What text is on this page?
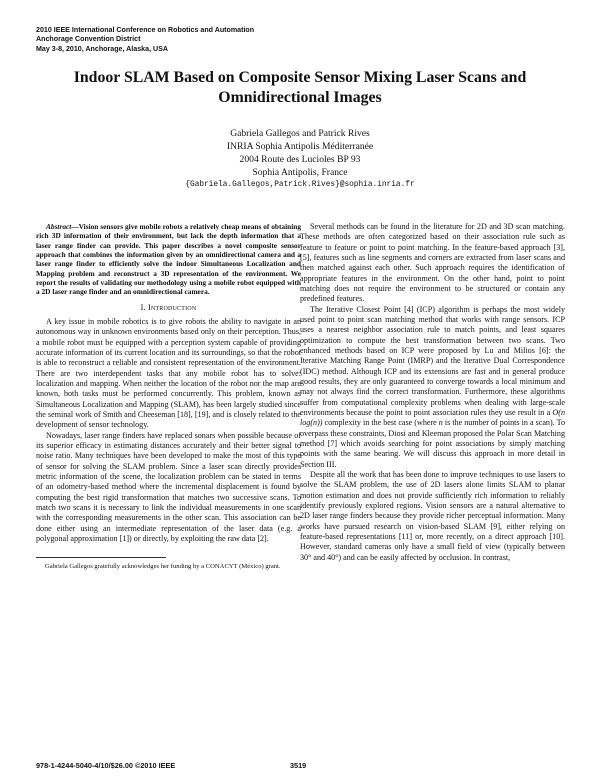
2010 IEEE International Conference on Robotics and Automation
Anchorage Convention District
May 3-8, 2010, Anchorage, Alaska, USA
Indoor SLAM Based on Composite Sensor Mixing Laser Scans and
Omnidirectional Images
Gabriela Gallegos and Patrick Rives
INRIA Sophia Antipolis Méditerranée
2004 Route des Lucioles BP 93
Sophia Antipolis, France
{Gabriela.Gallegos,Patrick.Rives}@sophia.inria.fr

Abstract—Vision sensors give mobile robots a relatively cheap means of obtaining rich 3D information of their environment, but lack the depth information that a laser range finder can provide. This paper describes a novel composite sensor approach that combines the information given by an omnidirectional camera and a laser range finder to efficiently solve the indoor Simultaneous Localization and Mapping problem and reconstruct a 3D representation of the environment. We report the results of validating our methodology using a mobile robot equipped with a 2D laser range finder and an omnidirectional camera.

I. Introduction

A key issue in mobile robotics is to give robots the ability to navigate in an autonomous way in unknown environments based only on their perception. Thus, a mobile robot must be equipped with a perception system capable of providing accurate information of its current location and its surroundings, so that the robot is able to reconstruct a reliable and consistent representation of the environment. There are two interdependent tasks that any mobile robot has to solve: localization and mapping. When neither the location of the robot nor the map are known, both tasks must be performed concurrently. This problem, known as Simultaneous Localization and Mapping (SLAM), has been largely studied since the seminal work of Smith and Cheeseman [18], [19], and is closely related to the development of sensor technology.

Nowadays, laser range finders have replaced sonars when possible because of its superior efficacy in estimating distances accurately and their better signal to noise ratio. Many techniques have been developed to make the most of this type of sensor for solving the SLAM problem. Since a laser scan directly provides metric information of the scene, the localization problem can be stated in terms of an odometry-based method where the incremental displacement is found by computing the best rigid transformation that matches two successive scans. To match two scans it is necessary to link the individual measurements in one scan with the corresponding measurements in the other scan. This association can be done either using an intermediate representation of the laser data (e.g. a polygonal approximation [1]) or directly, by exploiting the raw data [2].

Gabriela Gallegos gratefully acknowledges her funding by a CONACYT (México) grant.

Several methods can be found in the literature for 2D and 3D scan matching. These methods are often categorized based on their association rule such as feature to feature or point to point matching. In the feature-based approach [3], [5], features such as line segments and corners are extracted from laser scans and then matched against each other. Such approach requires the identification of appropriate features in the environment. On the other hand, point to point matching does not require the environment to be structured or contain any predefined features.

The Iterative Closest Point [4] (ICP) algorithm is perhaps the most widely used point to point scan matching method that works with range sensors. ICP uses a nearest neighbor association rule to match points, and least squares optimization to compute the best transformation between two scans. Two enhanced methods based on ICP were proposed by Lu and Milios [6]: the Iterative Matching Range Point (IMRP) and the Iterative Dual Correspondence (IDC) method. Although ICP and its extensions are fast and in general produce good results, they are only guaranteed to converge towards a local minimum and may not always find the correct transformation. Furthermore, these algorithms suffer from computational complexity problems when dealing with large-scale environments because the point to point association rules they use result in a O(n log(n)) complexity in the best case (where n is the number of points in a scan). To overpass these constraints, Diosi and Kleeman proposed the Polar Scan Matching method [7] which avoids searching for point associations by simply matching points with the same bearing. We will discuss this approach in more detail in Section III.

Despite all the work that has been done to improve techniques to use lasers to solve the SLAM problem, the use of 2D lasers alone limits SLAM to planar motion estimation and does not provide sufficiently rich information to reliably identify previously explored regions. Vision sensors are a natural alternative to 2D laser range finders because they provide richer perceptual information. Many works have pursued research on vision-based SLAM [9], either relying on feature-based representations [11] or, more recently, on a direct approach [10]. However, standard cameras only have a small field of view (typically between 30° and 40°) and can be easily affected by occlusion. In contrast,

978-1-4244-5040-4/10/$26.00 ©2010 IEEE	3519
